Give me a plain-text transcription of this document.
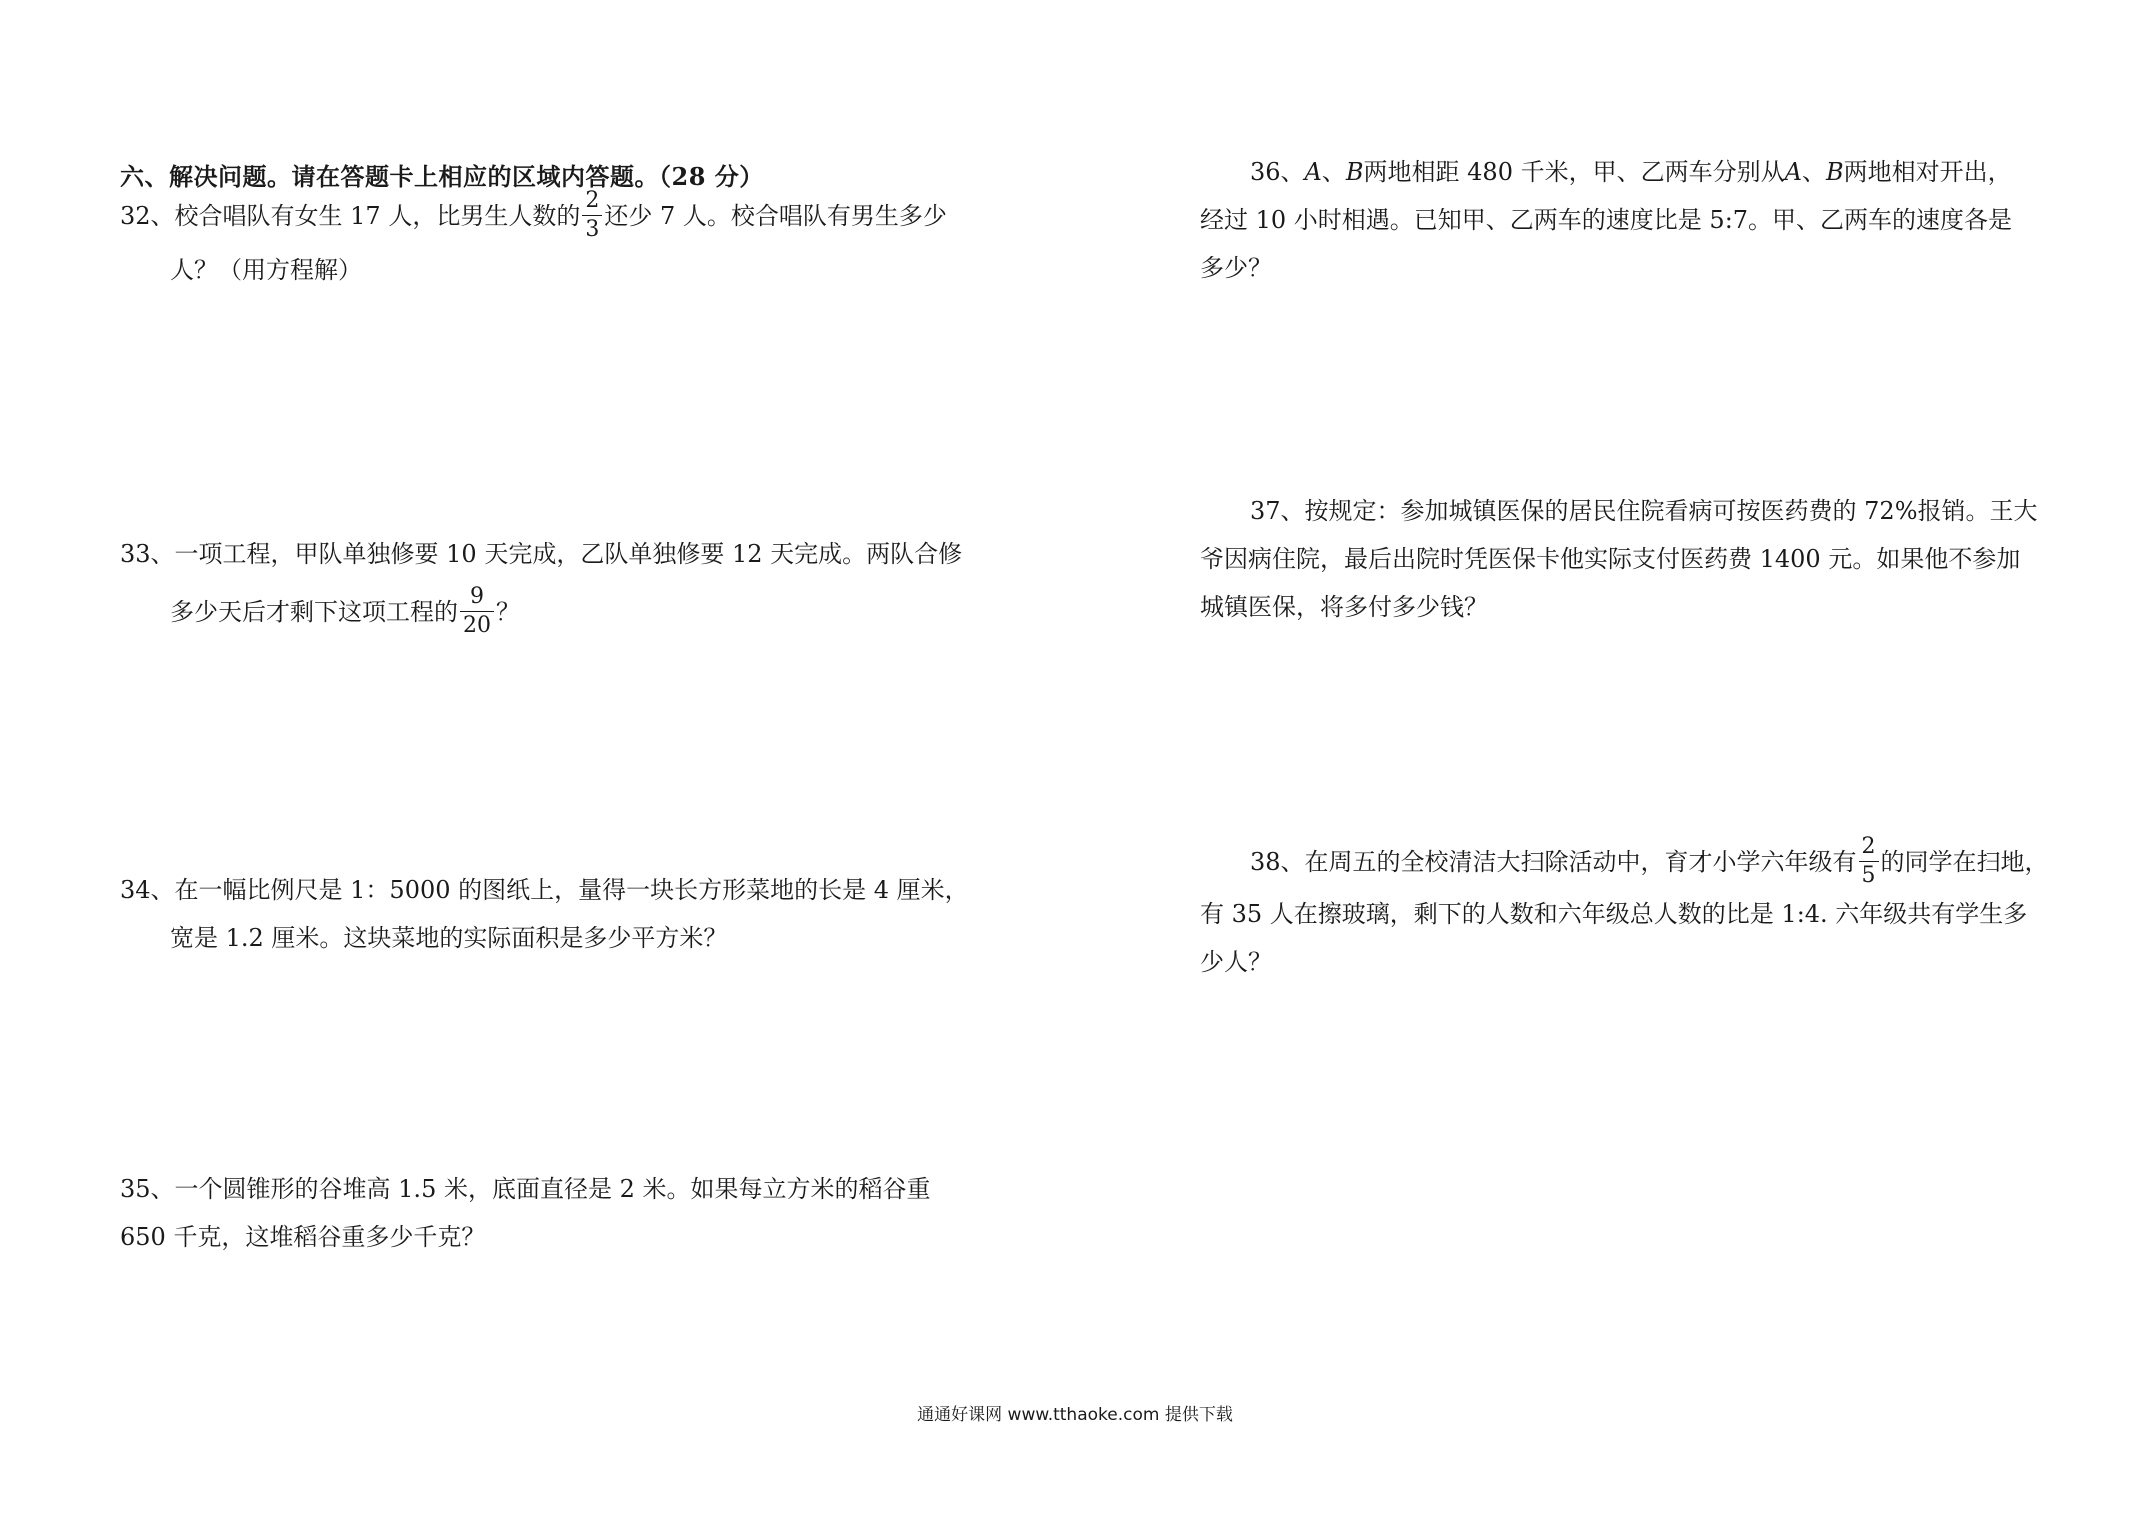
六、解决问题。请在答题卡上相应的区域内答题。（28 分）
32、校合唱队有女生 17 人，比男生人数的 $\frac{2}{3}$ 还少 7 人。校合唱队有男生多少
人？（用方程解）
33、一项工程，甲队单独修要 10 天完成，乙队单独修要 12 天完成。两队合修
多少天后才剩下这项工程的 $\frac{9}{20}$ ？
34、在一幅比例尺是 1：5000 的图纸上，量得一块长方形菜地的长是 4 厘米，
宽是 1.2 厘米。这块菜地的实际面积是多少平方米？
35、一个圆锥形的谷堆高 1.5 米，底面直径是 2 米。如果每立方米的稻谷重
650 千克，这堆稻谷重多少千克？
36、A、B两地相距 480 千米，甲、乙两车分别从A、B两地相对开出，
经过 10 小时相遇。已知甲、乙两车的速度比是 5:7。甲、乙两车的速度各是
多少？
37、按规定：参加城镇医保的居民住院看病可按医药费的 72%报销。王大
爷因病住院，最后出院时凭医保卡他实际支付医药费 1400 元。如果他不参加
城镇医保，将多付多少钱？
38、在周五的全校清洁大扫除活动中，育才小学六年级有 $\frac{2}{5}$ 的同学在扫地，
有 35 人在擦玻璃，剩下的人数和六年级总人数的比是 1:4. 六年级共有学生多
少人？
通通好课网 www.tthaoke.com 提供下载
